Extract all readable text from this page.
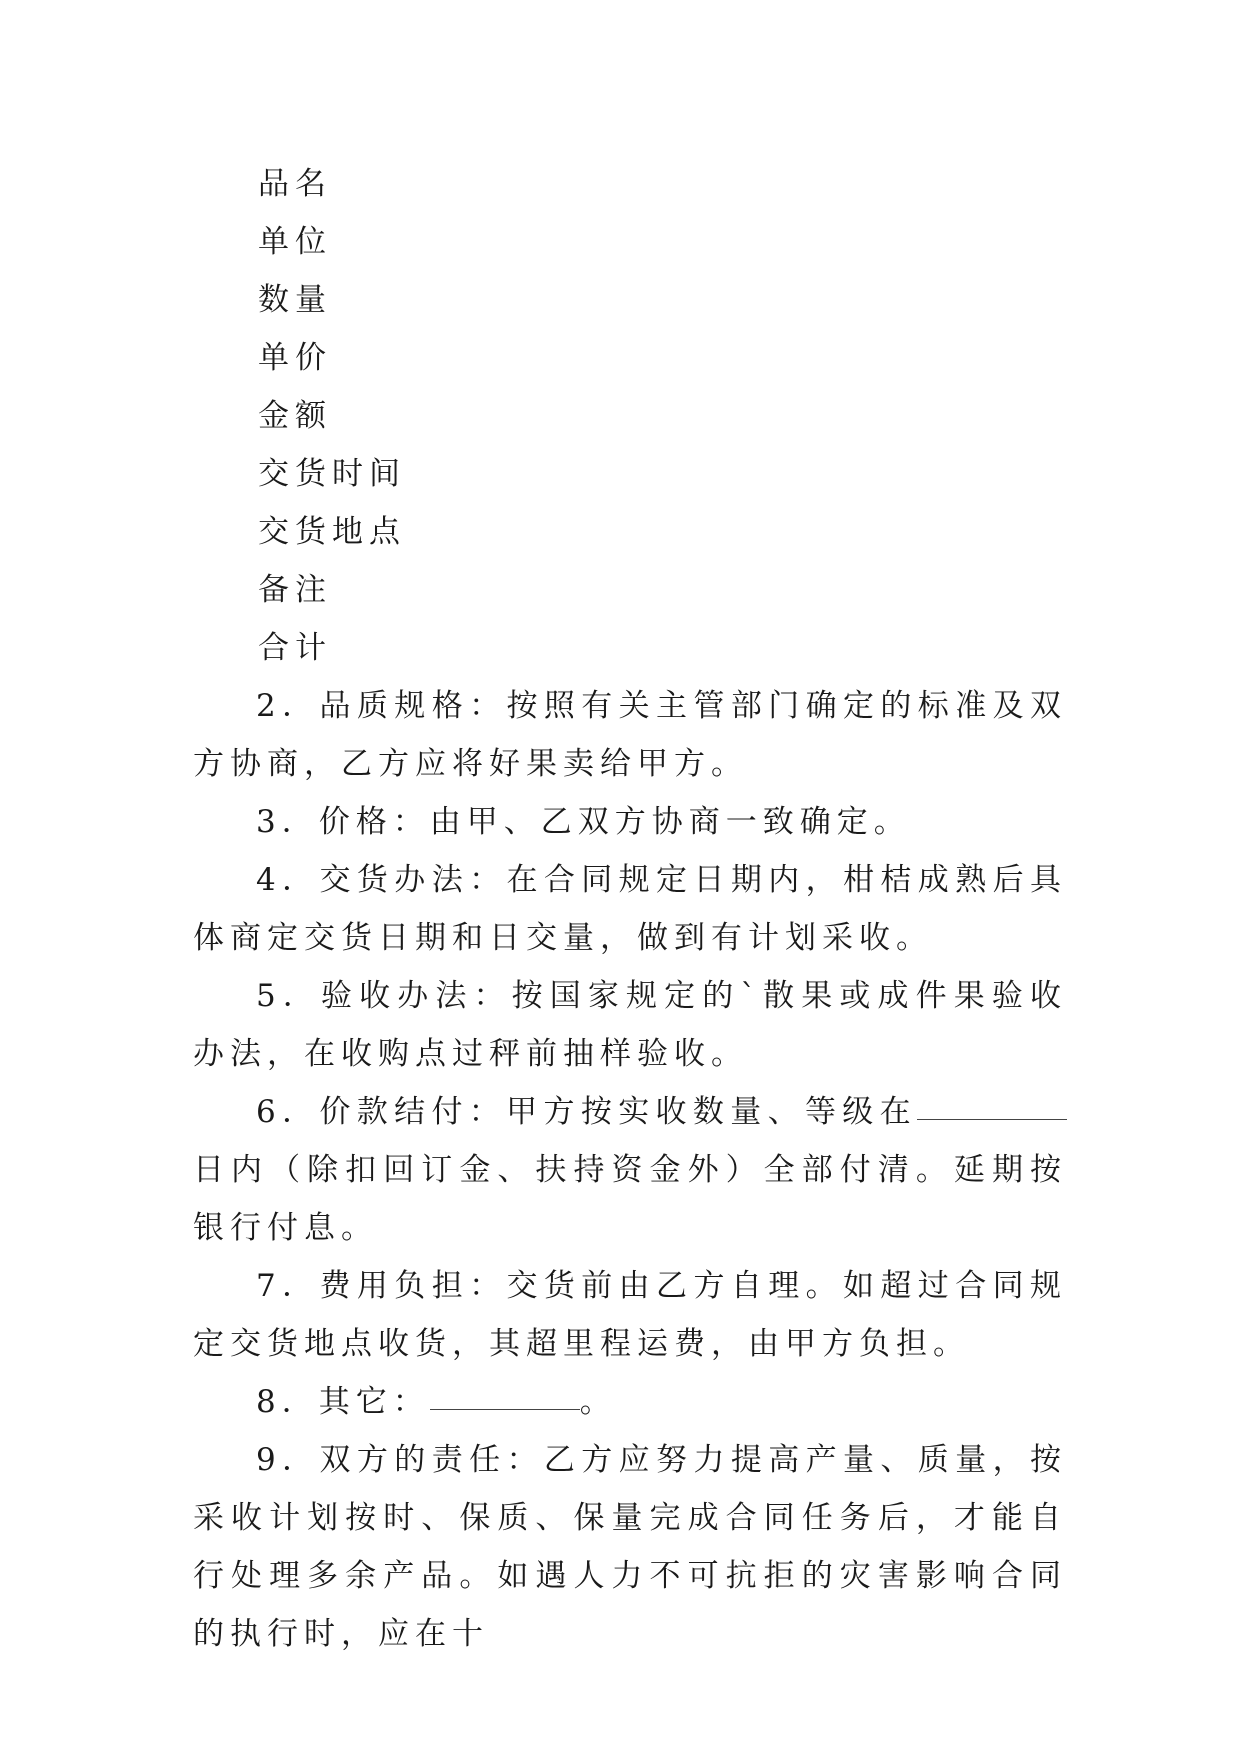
品名
单位
数量
单价
金额
交货时间
交货地点
备注
合计

2．品质规格：按照有关主管部门确定的标准及双方协商，乙方应将好果卖给甲方。

3．价格：由甲、乙双方协商一致确定。

4．交货办法：在合同规定日期内，柑桔成熟后具体商定交货日期和日交量，做到有计划采收。

5．验收办法：按国家规定的`散果或成件果验收办法，在收购点过秤前抽样验收。

6．价款结付：甲方按实收数量、等级在日内（除扣回订金、扶持资金外）全部付清。延期按银行付息。

7．费用负担：交货前由乙方自理。如超过合同规定交货地点收货，其超里程运费，由甲方负担。

8．其它：	。

9．双方的责任：乙方应努力提高产量、质量，按采收计划按时、保质、保量完成合同任务后，才能自行处理多余产品。如遇人力不可抗拒的灾害影响合同的执行时，应在十
